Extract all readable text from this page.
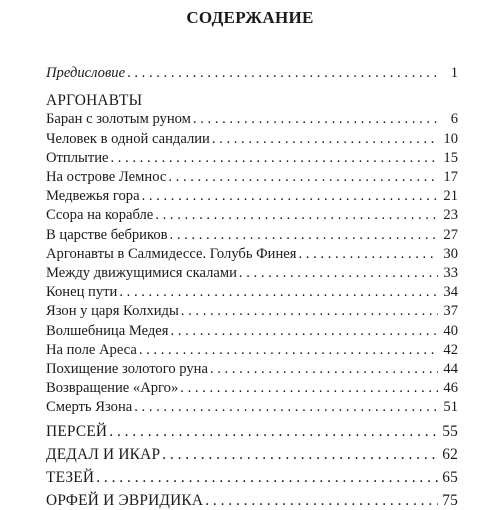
СОДЕРЖАНИЕ
Предисловие . . .	1
АРГОНАВТЫ
Баран с золотым руном . . .	6
Человек в одной сандалии . . .	10
Отплытие . . .	15
На острове Лемнос . . .	17
Медвежья гора . . .	21
Ссора на корабле . . .	23
В царстве бебриков . . .	27
Аргонавты в Салмидессе. Голубь Финея . . .	30
Между движущимися скалами . . .	33
Конец пути . . .	34
Язон у царя Колхиды . . .	37
Волшебница Медея . . .	40
На поле Ареса . . .	42
Похищение золотого руна . . .	44
Возвращение «Арго» . . .	46
Смерть Язона . . .	51
ПЕРСЕЙ . . .	55
ДЕДАЛ И ИКАР . . .	62
ТЕЗЕЙ . . .	65
ОРФЕЙ И ЭВРИДИКА . . .	75
